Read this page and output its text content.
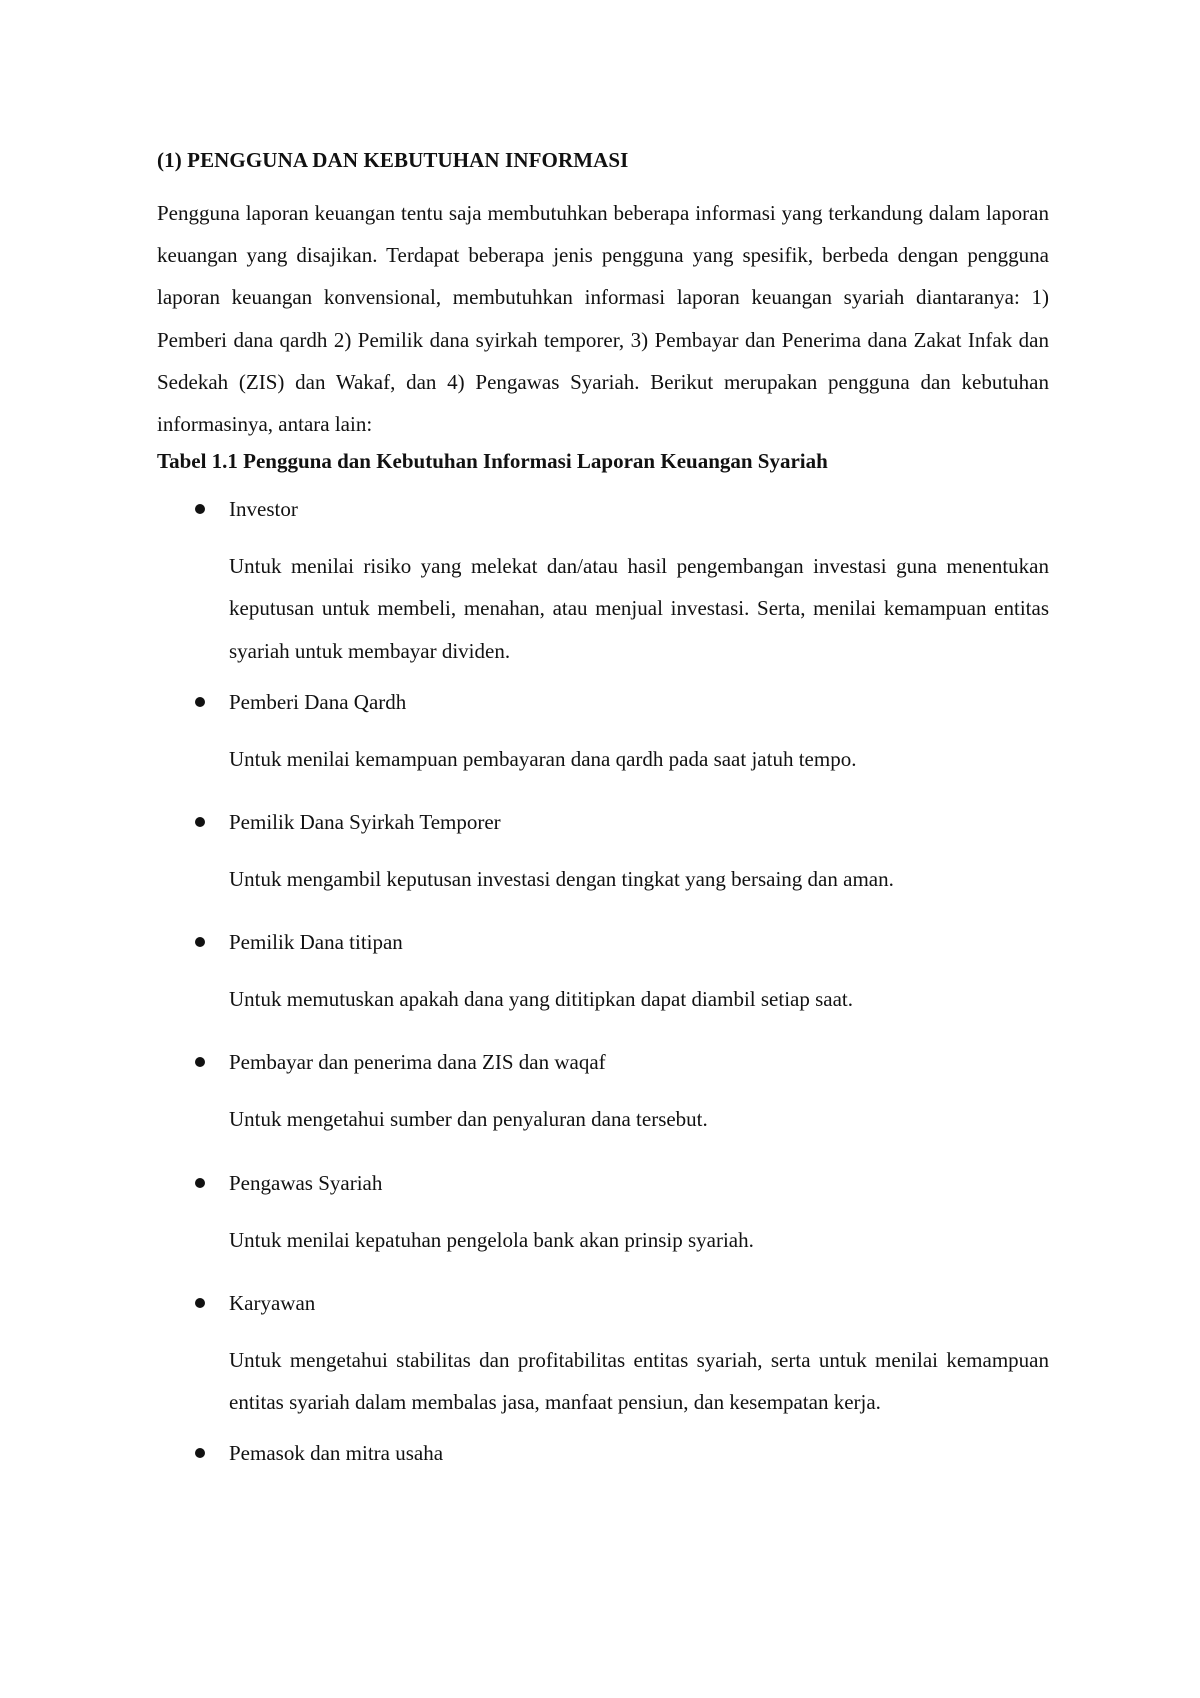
(1) PENGGUNA DAN KEBUTUHAN INFORMASI

Pengguna laporan keuangan tentu saja membutuhkan beberapa informasi yang terkandung dalam laporan keuangan yang disajikan. Terdapat beberapa jenis pengguna yang spesifik, berbeda dengan pengguna laporan keuangan konvensional, membutuhkan informasi laporan keuangan syariah diantaranya: 1) Pemberi dana qardh 2) Pemilik dana syirkah temporer, 3) Pembayar dan Penerima dana Zakat Infak dan Sedekah (ZIS) dan Wakaf, dan 4) Pengawas Syariah. Berikut merupakan pengguna dan kebutuhan informasinya, antara lain:

Tabel 1.1 Pengguna dan Kebutuhan Informasi Laporan Keuangan Syariah

Investor

Untuk menilai risiko yang melekat dan/atau hasil pengembangan investasi guna menentukan keputusan untuk membeli, menahan, atau menjual investasi. Serta, menilai kemampuan entitas syariah untuk membayar dividen.

Pemberi Dana Qardh

Untuk menilai kemampuan pembayaran dana qardh pada saat jatuh tempo.

Pemilik Dana Syirkah Temporer

Untuk mengambil keputusan investasi dengan tingkat yang bersaing dan aman.

Pemilik Dana titipan

Untuk memutuskan apakah dana yang dititipkan dapat diambil setiap saat.

Pembayar dan penerima dana ZIS dan waqaf

Untuk mengetahui sumber dan penyaluran dana tersebut.

Pengawas Syariah

Untuk menilai kepatuhan pengelola bank akan prinsip syariah.

Karyawan

Untuk mengetahui stabilitas dan profitabilitas entitas syariah, serta untuk menilai kemampuan entitas syariah dalam membalas jasa, manfaat pensiun, dan kesempatan kerja.

Pemasok dan mitra usaha
